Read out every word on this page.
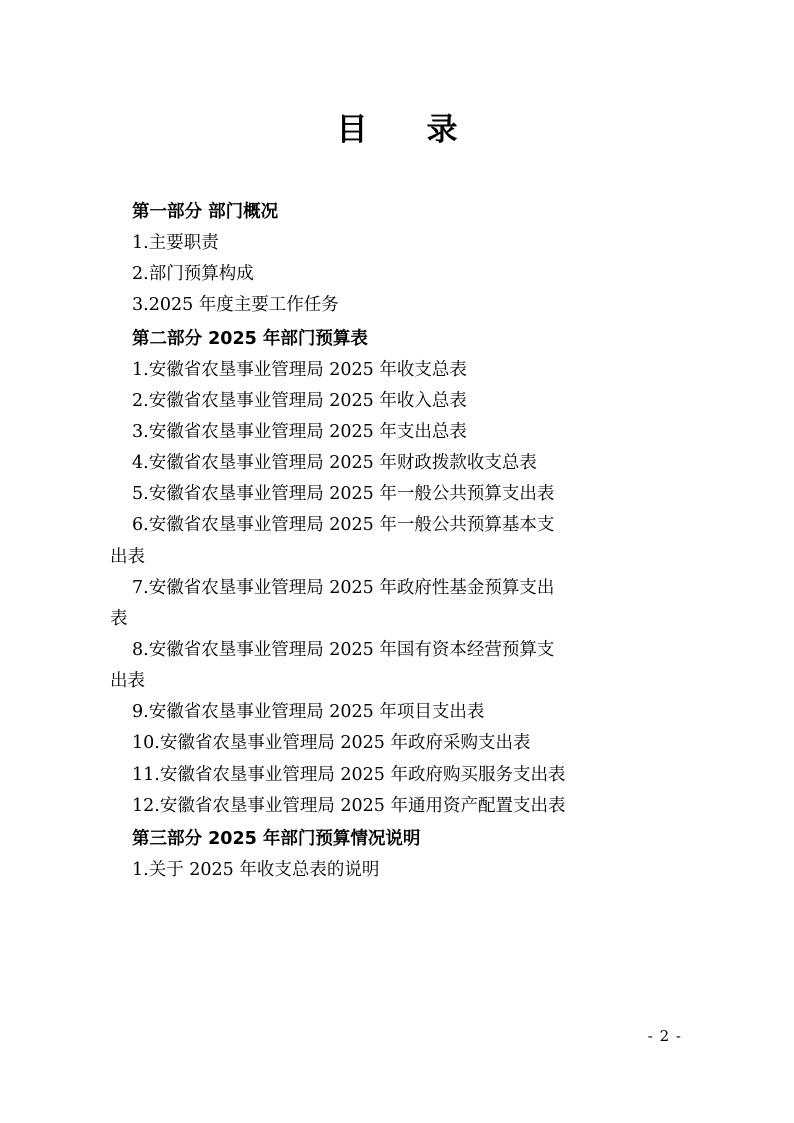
目　录
第一部分 部门概况
1.主要职责
2.部门预算构成
3.2025 年度主要工作任务
第二部分 2025 年部门预算表
1.安徽省农垦事业管理局 2025 年收支总表
2.安徽省农垦事业管理局 2025 年收入总表
3.安徽省农垦事业管理局 2025 年支出总表
4.安徽省农垦事业管理局 2025 年财政拨款收支总表
5.安徽省农垦事业管理局 2025 年一般公共预算支出表
6.安徽省农垦事业管理局 2025 年一般公共预算基本支
出表
7.安徽省农垦事业管理局 2025 年政府性基金预算支出
表
8.安徽省农垦事业管理局 2025 年国有资本经营预算支
出表
9.安徽省农垦事业管理局 2025 年项目支出表
10.安徽省农垦事业管理局 2025 年政府采购支出表
11.安徽省农垦事业管理局 2025 年政府购买服务支出表
12.安徽省农垦事业管理局 2025 年通用资产配置支出表
第三部分 2025 年部门预算情况说明
1.关于 2025 年收支总表的说明
- 2 -
